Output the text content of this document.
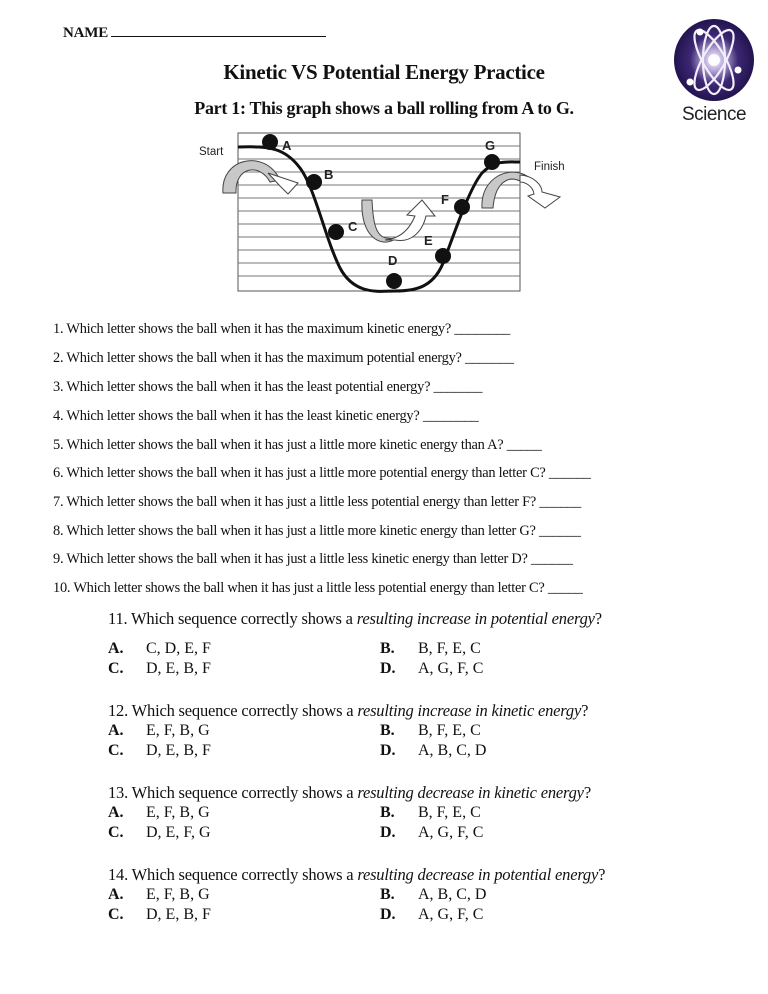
NAME
Kinetic VS Potential Energy Practice
Part 1: This graph shows a ball rolling from A to G.	Science
A
B
C
D
E
F
G
Start
Finish
1. Which letter shows the ball when it has the maximum kinetic energy? ________
2. Which letter shows the ball when it has the maximum potential energy? _______
3. Which letter shows the ball when it has the least potential energy? _______
4. Which letter shows the ball when it has the least kinetic energy? ________
5. Which letter shows the ball when it has just a little more kinetic energy than A? _____
6. Which letter shows the ball when it has just a little more potential energy than letter C? ______
7. Which letter shows the ball when it has just a little less potential energy than letter F? ______
8. Which letter shows the ball when it has just a little more kinetic energy than letter G? ______
9. Which letter shows the ball when it has just a little less kinetic energy than letter D? ______
10. Which letter shows the ball when it has just a little less potential energy than letter C? _____
11. Which sequence correctly shows a resulting increase in potential energy?
A. C, D, E, F	B. B, F, E, C
C. D, E, B, F	D. A, G, F, C
12. Which sequence correctly shows a resulting increase in kinetic energy?
A. E, F, B, G	B. B, F, E, C
C. D, E, B, F	D. A, B, C, D
13. Which sequence correctly shows a resulting decrease in kinetic energy?
A. E, F, B, G	B. B, F, E, C
C. D, E, F, G	D. A, G, F, C
14. Which sequence correctly shows a resulting decrease in potential energy?
A. E, F, B, G	B. A, B, C, D
C. D, E, B, F	D. A, G, F, C
